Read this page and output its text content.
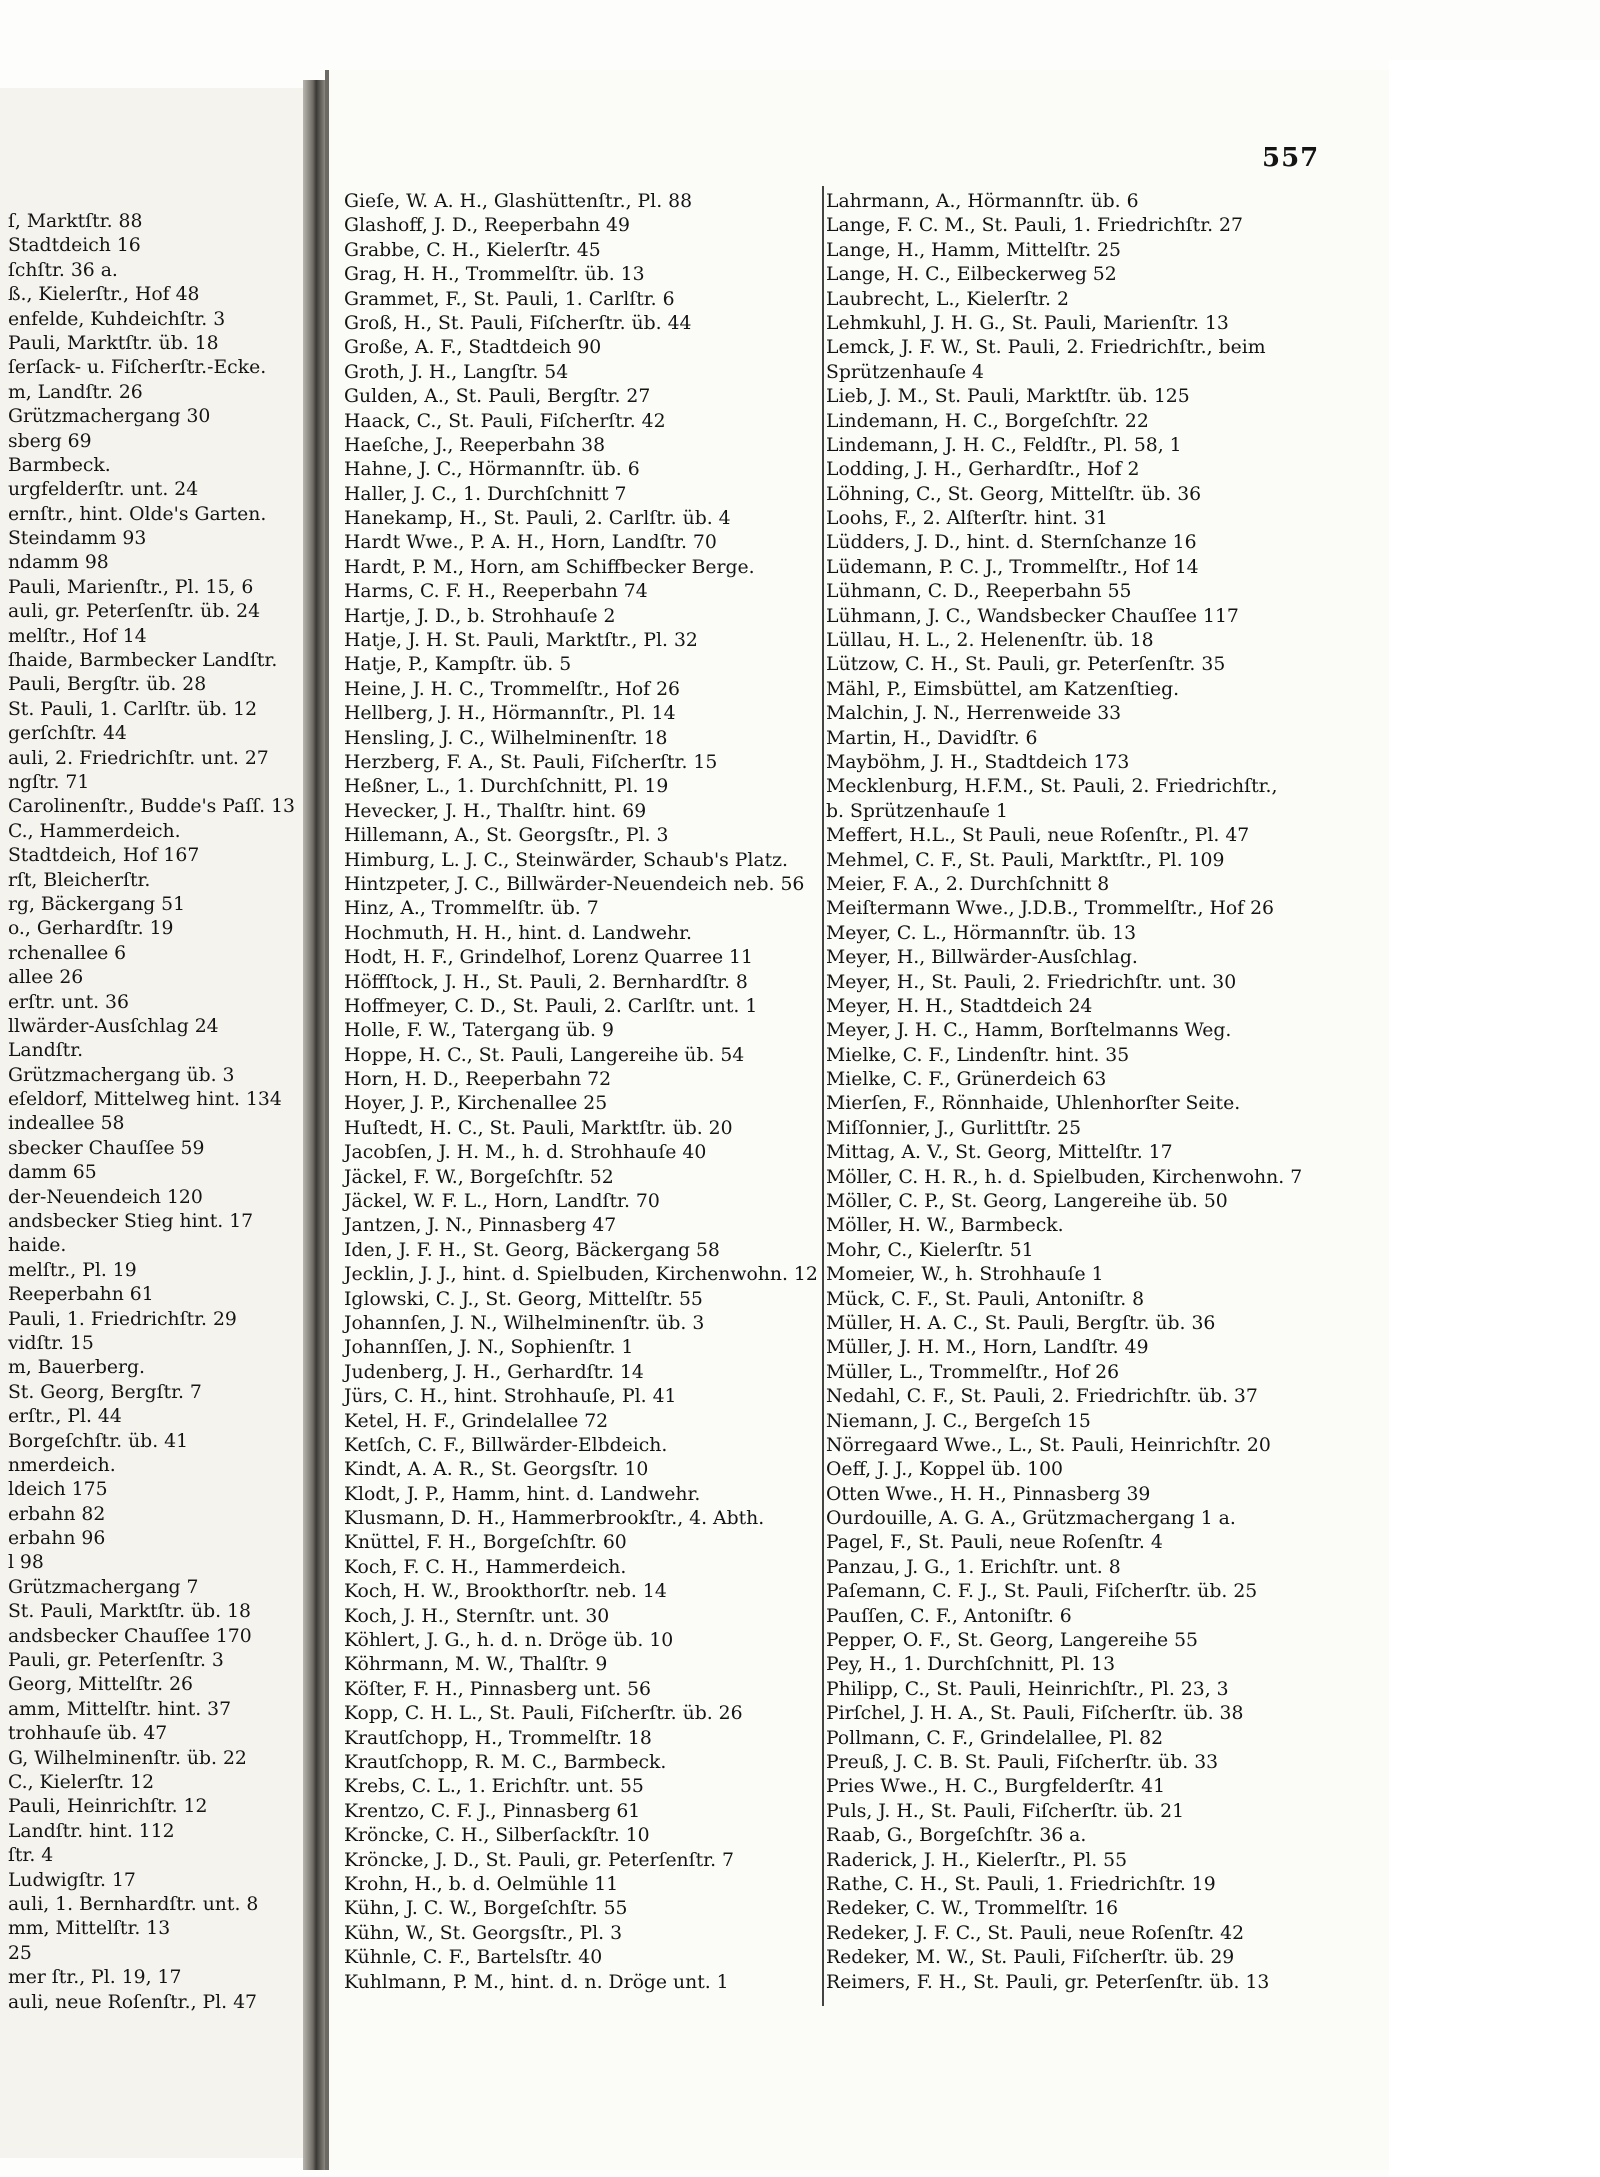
ſ, Marktſtr. 88
Stadtdeich 16
ſchſtr. 36 a.
ß., Kielerſtr., Hof 48
enfelde, Kuhdeichſtr. 3
Pauli, Marktſtr. üb. 18
ſerſack- u. Fiſcherſtr.-Ecke.
m, Landſtr. 26
Grützmachergang 30
sberg 69
Barmbeck.
urgfelderſtr. unt. 24
ernſtr., hint. Olde's Garten.
Steindamm 93
ndamm 98
Pauli, Marienſtr., Pl. 15, 6
auli, gr. Peterſenſtr. üb. 24
melſtr., Hof 14
ſhaide, Barmbecker Landſtr.
Pauli, Bergſtr. üb. 28
St. Pauli, 1. Carlſtr. üb. 12
gerſchſtr. 44
auli, 2. Friedrichſtr. unt. 27
ngſtr. 71
Carolinenſtr., Budde's Paſſ. 13
C., Hammerdeich.
Stadtdeich, Hof 167
rſt, Bleicherſtr.
rg, Bäckergang 51
o., Gerhardſtr. 19
rchenallee 6
allee 26
erſtr. unt. 36
llwärder-Ausſchlag 24
Landſtr.
Grützmachergang üb. 3
eſeldorf, Mittelweg hint. 134
indeallee 58
sbecker Chauſſee 59
damm 65
der-Neuendeich 120
andsbecker Stieg hint. 17
haide.
melſtr., Pl. 19
Reeperbahn 61
Pauli, 1. Friedrichſtr. 29
vidſtr. 15
m, Bauerberg.
St. Georg, Bergſtr. 7
erſtr., Pl. 44
Borgeſchſtr. üb. 41
nmerdeich.
ldeich 175
erbahn 82
erbahn 96
l 98
Grützmachergang 7
St. Pauli, Marktſtr. üb. 18
andsbecker Chauſſee 170
Pauli, gr. Peterſenſtr. 3
Georg, Mittelſtr. 26
amm, Mittelſtr. hint. 37
trohhauſe üb. 47
G, Wilhelminenſtr. üb. 22
C., Kielerſtr. 12
Pauli, Heinrichſtr. 12
Landſtr. hint. 112
ſtr. 4
Ludwigſtr. 17
auli, 1. Bernhardſtr. unt. 8
mm, Mittelſtr. 13
25
mer ſtr., Pl. 19, 17
auli, neue Roſenſtr., Pl. 47
557
Gieſe, W. A. H., Glashüttenſtr., Pl. 88
Glashoff, J. D., Reeperbahn 49
Grabbe, C. H., Kielerſtr. 45
Grag, H. H., Trommelſtr. üb. 13
Grammet, F., St. Pauli, 1. Carlſtr. 6
Groß, H., St. Pauli, Fiſcherſtr. üb. 44
Große, A. F., Stadtdeich 90
Groth, J. H., Langſtr. 54
Gulden, A., St. Pauli, Bergſtr. 27
Haack, C., St. Pauli, Fiſcherſtr. 42
Haeſche, J., Reeperbahn 38
Hahne, J. C., Hörmannſtr. üb. 6
Haller, J. C., 1. Durchſchnitt 7
Hanekamp, H., St. Pauli, 2. Carlſtr. üb. 4
Hardt Wwe., P. A. H., Horn, Landſtr. 70
Hardt, P. M., Horn, am Schiffbecker Berge.
Harms, C. F. H., Reeperbahn 74
Hartje, J. D., b. Strohhauſe 2
Hatje, J. H. St. Pauli, Marktſtr., Pl. 32
Hatje, P., Kampſtr. üb. 5
Heine, J. H. C., Trommelſtr., Hof 26
Hellberg, J. H., Hörmannſtr., Pl. 14
Hensling, J. C., Wilhelminenſtr. 18
Herzberg, F. A., St. Pauli, Fiſcherſtr. 15
Heßner, L., 1. Durchſchnitt, Pl. 19
Hevecker, J. H., Thalſtr. hint. 69
Hillemann, A., St. Georgsſtr., Pl. 3
Himburg, L. J. C., Steinwärder, Schaub's Platz.
Hintzpeter, J. C., Billwärder-Neuendeich neb. 56
Hinz, A., Trommelſtr. üb. 7
Hochmuth, H. H., hint. d. Landwehr.
Hodt, H. F., Grindelhof, Lorenz Quarree 11
Höffſtock, J. H., St. Pauli, 2. Bernhardſtr. 8
Hoffmeyer, C. D., St. Pauli, 2. Carlſtr. unt. 1
Holle, F. W., Tatergang üb. 9
Hoppe, H. C., St. Pauli, Langereihe üb. 54
Horn, H. D., Reeperbahn 72
Hoyer, J. P., Kirchenallee 25
Huſtedt, H. C., St. Pauli, Marktſtr. üb. 20
Jacobſen, J. H. M., h. d. Strohhauſe 40
Jäckel, F. W., Borgeſchſtr. 52
Jäckel, W. F. L., Horn, Landſtr. 70
Jantzen, J. N., Pinnasberg 47
Iden, J. F. H., St. Georg, Bäckergang 58
Jecklin, J. J., hint. d. Spielbuden, Kirchenwohn. 12
Iglowski, C. J., St. Georg, Mittelſtr. 55
Johannſen, J. N., Wilhelminenſtr. üb. 3
Johannſſen, J. N., Sophienſtr. 1
Judenberg, J. H., Gerhardſtr. 14
Jürs, C. H., hint. Strohhauſe, Pl. 41
Ketel, H. F., Grindelallee 72
Ketſch, C. F., Billwärder-Elbdeich.
Kindt, A. A. R., St. Georgsſtr. 10
Klodt, J. P., Hamm, hint. d. Landwehr.
Klusmann, D. H., Hammerbrookſtr., 4. Abth.
Knüttel, F. H., Borgeſchſtr. 60
Koch, F. C. H., Hammerdeich.
Koch, H. W., Brookthorſtr. neb. 14
Koch, J. H., Sternſtr. unt. 30
Köhlert, J. G., h. d. n. Dröge üb. 10
Köhrmann, M. W., Thalſtr. 9
Köſter, F. H., Pinnasberg unt. 56
Kopp, C. H. L., St. Pauli, Fiſcherſtr. üb. 26
Krautſchopp, H., Trommelſtr. 18
Krautſchopp, R. M. C., Barmbeck.
Krebs, C. L., 1. Erichſtr. unt. 55
Krentzo, C. F. J., Pinnasberg 61
Kröncke, C. H., Silberſackſtr. 10
Kröncke, J. D., St. Pauli, gr. Peterſenſtr. 7
Krohn, H., b. d. Oelmühle 11
Kühn, J. C. W., Borgeſchſtr. 55
Kühn, W., St. Georgsſtr., Pl. 3
Kühnle, C. F., Bartelsſtr. 40
Kuhlmann, P. M., hint. d. n. Dröge unt. 1
Lahrmann, A., Hörmannſtr. üb. 6
Lange, F. C. M., St. Pauli, 1. Friedrichſtr. 27
Lange, H., Hamm, Mittelſtr. 25
Lange, H. C., Eilbeckerweg 52
Laubrecht, L., Kielerſtr. 2
Lehmkuhl, J. H. G., St. Pauli, Marienſtr. 13
Lemck, J. F. W., St. Pauli, 2. Friedrichſtr., beim
Sprützenhauſe 4
Lieb, J. M., St. Pauli, Marktſtr. üb. 125
Lindemann, H. C., Borgeſchſtr. 22
Lindemann, J. H. C., Feldſtr., Pl. 58, 1
Lodding, J. H., Gerhardſtr., Hof 2
Löhning, C., St. Georg, Mittelſtr. üb. 36
Loohs, F., 2. Alſterſtr. hint. 31
Lüdders, J. D., hint. d. Sternſchanze 16
Lüdemann, P. C. J., Trommelſtr., Hof 14
Lühmann, C. D., Reeperbahn 55
Lühmann, J. C., Wandsbecker Chauſſee 117
Lüllau, H. L., 2. Helenenſtr. üb. 18
Lützow, C. H., St. Pauli, gr. Peterſenſtr. 35
Mähl, P., Eimsbüttel, am Katzenſtieg.
Malchin, J. N., Herrenweide 33
Martin, H., Davidſtr. 6
Mayböhm, J. H., Stadtdeich 173
Mecklenburg, H.F.M., St. Pauli, 2. Friedrichſtr.,
b. Sprützenhauſe 1
Meffert, H.L., St Pauli, neue Roſenſtr., Pl. 47
Mehmel, C. F., St. Pauli, Marktſtr., Pl. 109
Meier, F. A., 2. Durchſchnitt 8
Meiſtermann Wwe., J.D.B., Trommelſtr., Hof 26
Meyer, C. L., Hörmannſtr. üb. 13
Meyer, H., Billwärder-Ausſchlag.
Meyer, H., St. Pauli, 2. Friedrichſtr. unt. 30
Meyer, H. H., Stadtdeich 24
Meyer, J. H. C., Hamm, Borſtelmanns Weg.
Mielke, C. F., Lindenſtr. hint. 35
Mielke, C. F., Grünerdeich 63
Mierſen, F., Rönnhaide, Uhlenhorſter Seite.
Miſſonnier, J., Gurlittſtr. 25
Mittag, A. V., St. Georg, Mittelſtr. 17
Möller, C. H. R., h. d. Spielbuden, Kirchenwohn. 7
Möller, C. P., St. Georg, Langereihe üb. 50
Möller, H. W., Barmbeck.
Mohr, C., Kielerſtr. 51
Momeier, W., h. Strohhauſe 1
Mück, C. F., St. Pauli, Antoniſtr. 8
Müller, H. A. C., St. Pauli, Bergſtr. üb. 36
Müller, J. H. M., Horn, Landſtr. 49
Müller, L., Trommelſtr., Hof 26
Nedahl, C. F., St. Pauli, 2. Friedrichſtr. üb. 37
Niemann, J. C., Bergeſch 15
Nörregaard Wwe., L., St. Pauli, Heinrichſtr. 20
Oeff, J. J., Koppel üb. 100
Otten Wwe., H. H., Pinnasberg 39
Ourdouille, A. G. A., Grützmachergang 1 a.
Pagel, F., St. Pauli, neue Roſenſtr. 4
Panzau, J. G., 1. Erichſtr. unt. 8
Paſemann, C. F. J., St. Pauli, Fiſcherſtr. üb. 25
Pauſſen, C. F., Antoniſtr. 6
Pepper, O. F., St. Georg, Langereihe 55
Pey, H., 1. Durchſchnitt, Pl. 13
Philipp, C., St. Pauli, Heinrichſtr., Pl. 23, 3
Pirſchel, J. H. A., St. Pauli, Fiſcherſtr. üb. 38
Pollmann, C. F., Grindelallee, Pl. 82
Preuß, J. C. B. St. Pauli, Fiſcherſtr. üb. 33
Pries Wwe., H. C., Burgfelderſtr. 41
Puls, J. H., St. Pauli, Fiſcherſtr. üb. 21
Raab, G., Borgeſchſtr. 36 a.
Raderick, J. H., Kielerſtr., Pl. 55
Rathe, C. H., St. Pauli, 1. Friedrichſtr. 19
Redeker, C. W., Trommelſtr. 16
Redeker, J. F. C., St. Pauli, neue Roſenſtr. 42
Redeker, M. W., St. Pauli, Fiſcherſtr. üb. 29
Reimers, F. H., St. Pauli, gr. Peterſenſtr. üb. 13
